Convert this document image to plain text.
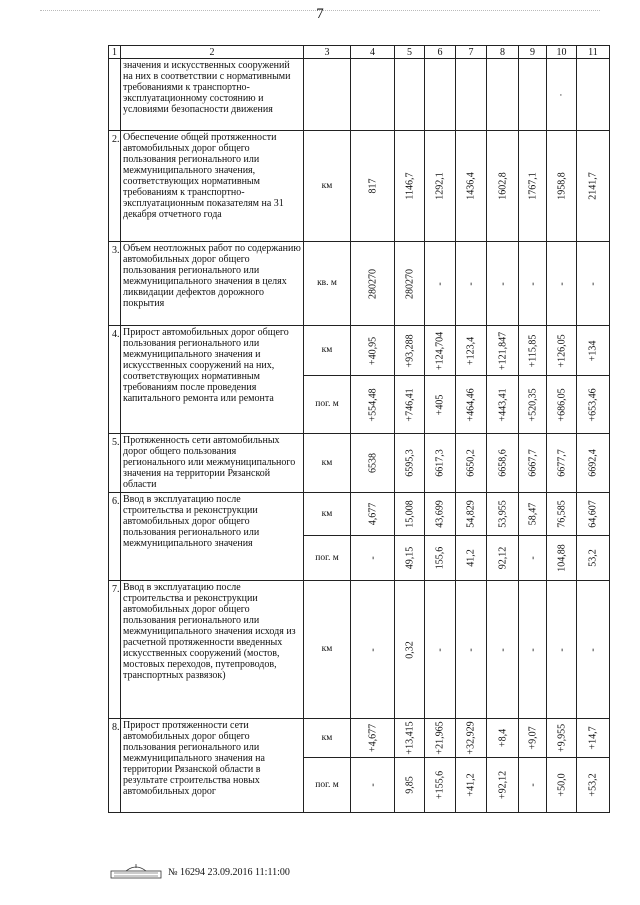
7
1	2	3	4	5	6	7	8	9	10	11	
	значения и искусственных сооружений на них в соответствии с нормативными требованиями к транспортно-эксплуатационному состоянию и условиями безопасности движения								·		

2.	Обеспечение общей протяженности автомобильных дорог общего пользования регионального или межмуниципального значения, соответствующих нормативным требованиям к транспортно-эксплуатационным показателям на 31 декабря отчетного года	км	817	1146,7	1292,1	1436,4	1602,8	1767,1	1958,8	2141,7	

3.	Объем неотложных работ по содержанию автомобильных дорог общего пользования регионального или межмуниципального значения в целях ликвидации дефектов дорожного покрытия	кв. м	280270	280270	-	-	-	-	-	-	

4.	Прирост автомобильных дорог общего пользования регионального или межмуниципального значения и искусственных сооружений на них, соответствующих нормативным требованиям после проведения капитального ремонта или ремонта	км	+40,95	+93,288	+124,704	+123,4	+121,847	+115,85	+126,05	+134	

		пог. м	+554,48	+746,41	+405	+464,46	+443,41	+520,35	+686,05	+653,46	

5.	Протяженность сети автомобильных дорог общего пользования регионального или межмуниципального значения на территории Рязанской области	км	6538	6595,3	6617,3	6650,2	6658,6	6667,7	6677,7	6692,4	

6.	Ввод в эксплуатацию после строительства и реконструкции автомобильных дорог общего пользования регионального или межмуниципального значения	км	4,677	15,008	43,699	54,829	53,955	58,47	76,585	64,607	

		пог. м	-	49,15	155,6	41,2	92,12	-	104,88	53,2	

7.	Ввод в эксплуатацию после строительства и реконструкции автомобильных дорог общего пользования регионального или межмуниципального значения исходя из расчетной протяженности введенных искусственных сооружений (мостов, мостовых переходов, путепроводов, транспортных развязок)	км	-	0,32	-	-	-	-	-	-	

8.	Прирост протяженности сети автомобильных дорог общего пользования регионального или межмуниципального значения на территории Рязанской области в результате строительства новых автомобильных дорог	км	+4,677	+13,415	+21,965	+32,929	+8,4	+9,07	+9,955	+14,7	

		пог. м	-	9,85	+155,6	+41,2	+92,12	-	+50,0	+53,2	

№ 16294 23.09.2016 11:11:00
